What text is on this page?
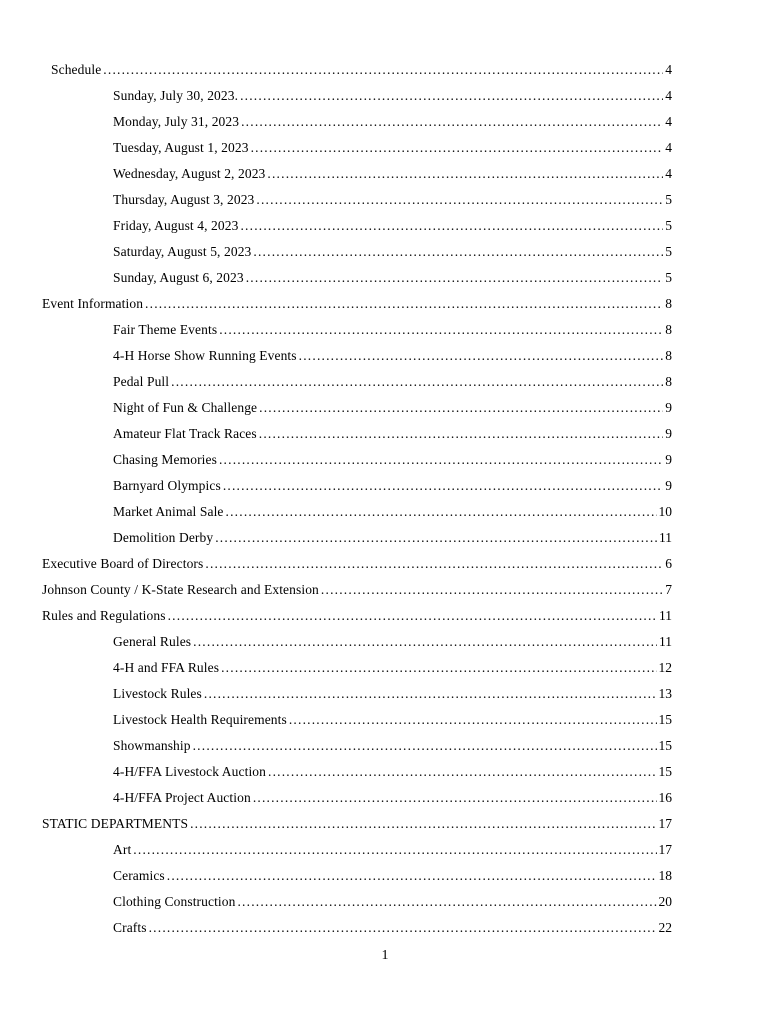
Schedule .....	4
Sunday, July 30, 2023. .....	4
Monday, July 31, 2023 .....	4
Tuesday, August 1, 2023 .....	4
Wednesday, August 2, 2023 .....	4
Thursday, August 3, 2023 .....	5
Friday, August 4, 2023 .....	5
Saturday, August 5, 2023 .....	5
Sunday, August 6, 2023 .....	5
Event Information .....	8
Fair Theme Events .....	8
4-H Horse Show Running Events .....	8
Pedal Pull .....	8
Night of Fun & Challenge .....	9
Amateur Flat Track Races .....	9
Chasing Memories .....	9
Barnyard Olympics .....	9
Market Animal Sale .....	10
Demolition Derby .....	11
Executive Board of Directors .....	6
Johnson County / K-State Research and Extension .....	7
Rules and Regulations .....	11
General Rules .....	11
4-H and FFA Rules .....	12
Livestock Rules .....	13
Livestock Health Requirements .....	15
Showmanship .....	15
4-H/FFA Livestock Auction .....	15
4-H/FFA Project Auction .....	16
STATIC DEPARTMENTS .....	17
Art .....	17
Ceramics .....	18
Clothing Construction .....	20
Crafts .....	22
1
